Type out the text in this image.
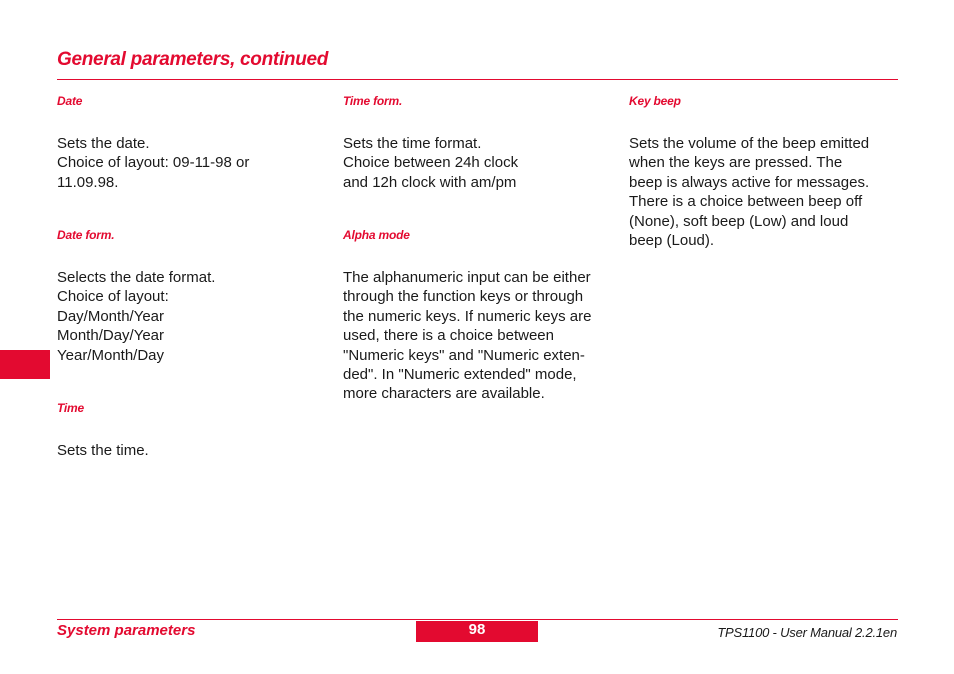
General parameters, continued
Date
Sets the date.
Choice of layout: 09-11-98 or
11.09.98.
Date form.
Selects the date format.
Choice of layout:
Day/Month/Year
Month/Day/Year
Year/Month/Day
Time
Sets the time.
Time form.
Sets the time format.
Choice between 24h clock
and 12h clock with am/pm
Alpha mode
The alphanumeric input can be either
through the function keys or through
the numeric keys. If numeric keys are
used, there is a choice between
"Numeric keys" and "Numeric exten-
ded". In "Numeric extended" mode,
more characters are available.
Key beep
Sets the volume of the beep emitted
when the keys are pressed. The
beep is always active for messages.
There is a choice between beep off
(None), soft beep (Low) and loud
beep (Loud).
System parameters	98	TPS1100 - User Manual 2.2.1en
